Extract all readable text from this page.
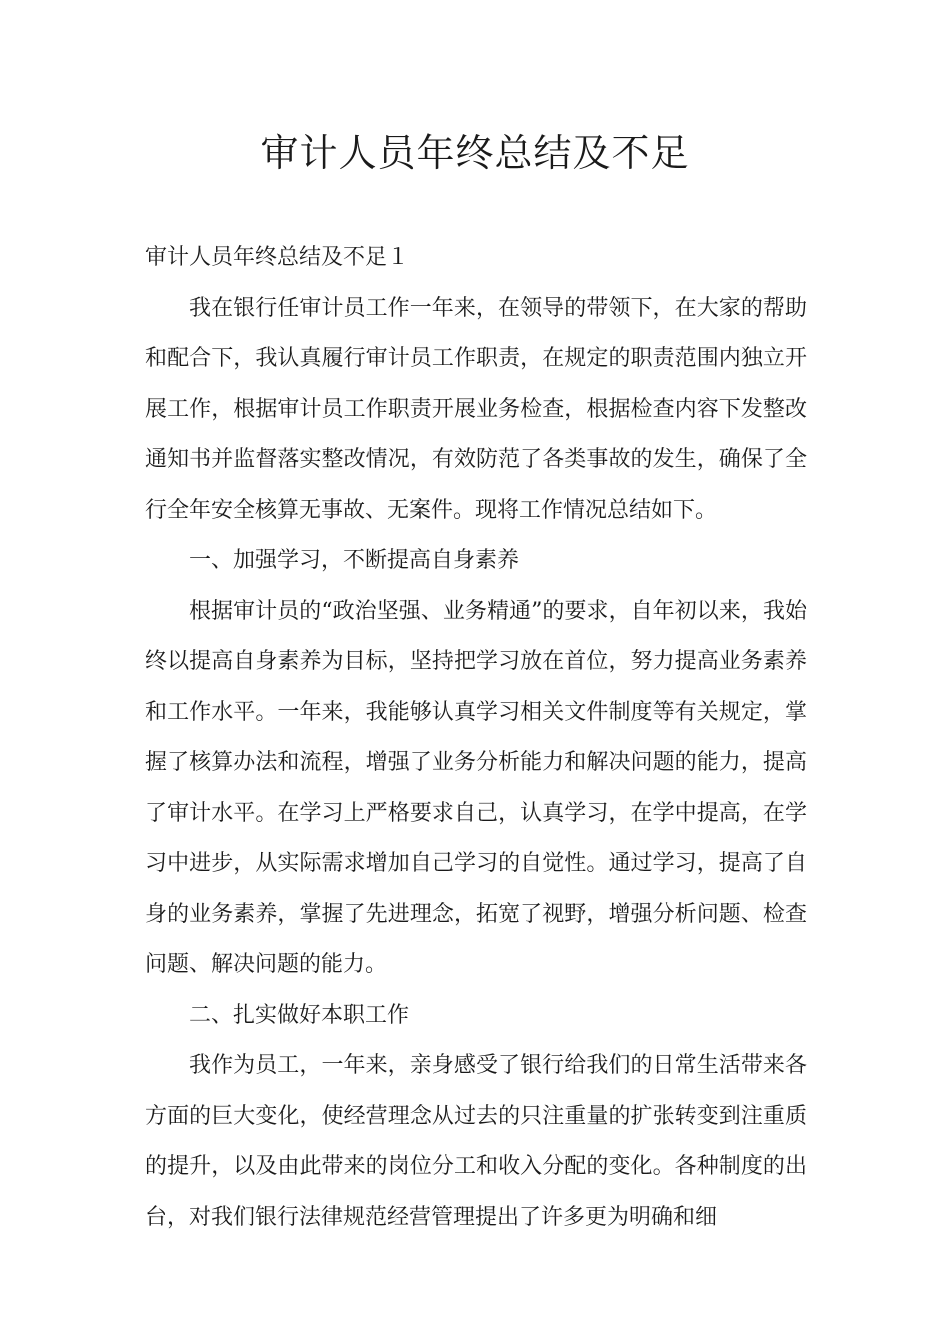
审计人员年终总结及不足

审计人员年终总结及不足１

我在银行任审计员工作一年来，在领导的带领下，在大家的帮助和配合下，我认真履行审计员工作职责，在规定的职责范围内独立开展工作，根据审计员工作职责开展业务检查，根据检查内容下发整改通知书并监督落实整改情况，有效防范了各类事故的发生，确保了全行全年安全核算无事故、无案件。现将工作情况总结如下。

一、加强学习，不断提高自身素养

根据审计员的“政治坚强、业务精通”的要求，自年初以来，我始终以提高自身素养为目标，坚持把学习放在首位，努力提高业务素养和工作水平。一年来，我能够认真学习相关文件制度等有关规定，掌握了核算办法和流程，增强了业务分析能力和解决问题的能力，提高了审计水平。在学习上严格要求自己，认真学习，在学中提高，在学习中进步，从实际需求增加自己学习的自觉性。通过学习，提高了自身的业务素养，掌握了先进理念，拓宽了视野，增强分析问题、检查问题、解决问题的能力。

二、扎实做好本职工作

我作为员工，一年来，亲身感受了银行给我们的日常生活带来各方面的巨大变化，使经营理念从过去的只注重量的扩张转变到注重质的提升，以及由此带来的岗位分工和收入分配的变化。各种制度的出台，对我们银行法律规范经营管理提出了许多更为明确和细
